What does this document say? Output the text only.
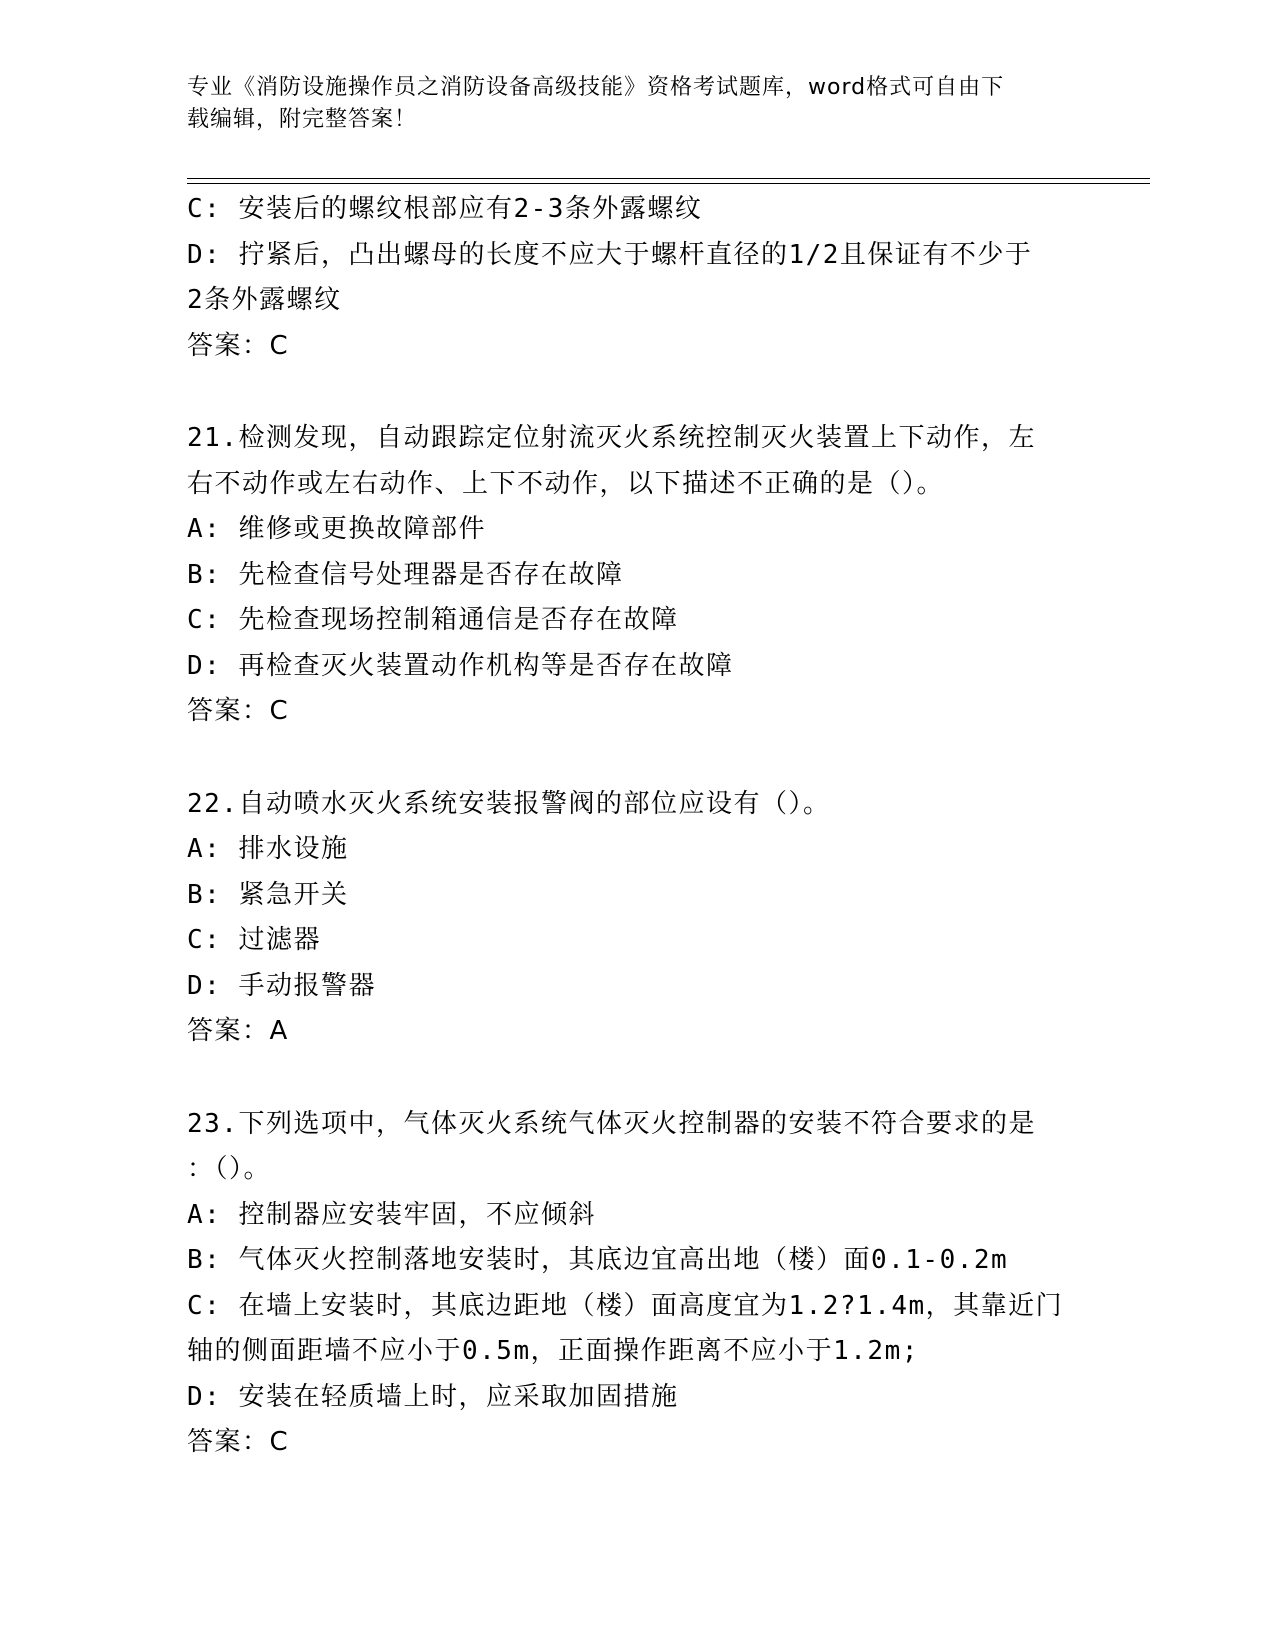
专业《消防设施操作员之消防设备高级技能》资格考试题库，word格式可自由下
载编辑，附完整答案！
C: 安装后的螺纹根部应有2-3条外露螺纹
D: 拧紧后，凸出螺母的长度不应大于螺杆直径的1/2且保证有不少于
2条外露螺纹
答案：C
21.检测发现，自动跟踪定位射流灭火系统控制灭火装置上下动作，左
右不动作或左右动作、上下不动作，以下描述不正确的是（）。
A: 维修或更换故障部件
B: 先检查信号处理器是否存在故障
C: 先检查现场控制箱通信是否存在故障
D: 再检查灭火装置动作机构等是否存在故障
答案：C
22.自动喷水灭火系统安装报警阀的部位应设有（）。
A: 排水设施
B: 紧急开关
C: 过滤器
D: 手动报警器
答案：A
23.下列选项中，气体灭火系统气体灭火控制器的安装不符合要求的是
：（）。
A: 控制器应安装牢固，不应倾斜
B: 气体灭火控制落地安装时，其底边宜高出地（楼）面0.1-0.2m
C: 在墙上安装时，其底边距地（楼）面高度宜为1.2?1.4m，其靠近门
轴的侧面距墙不应小于0.5m，正面操作距离不应小于1.2m;
D: 安装在轻质墙上时，应采取加固措施
答案：C
